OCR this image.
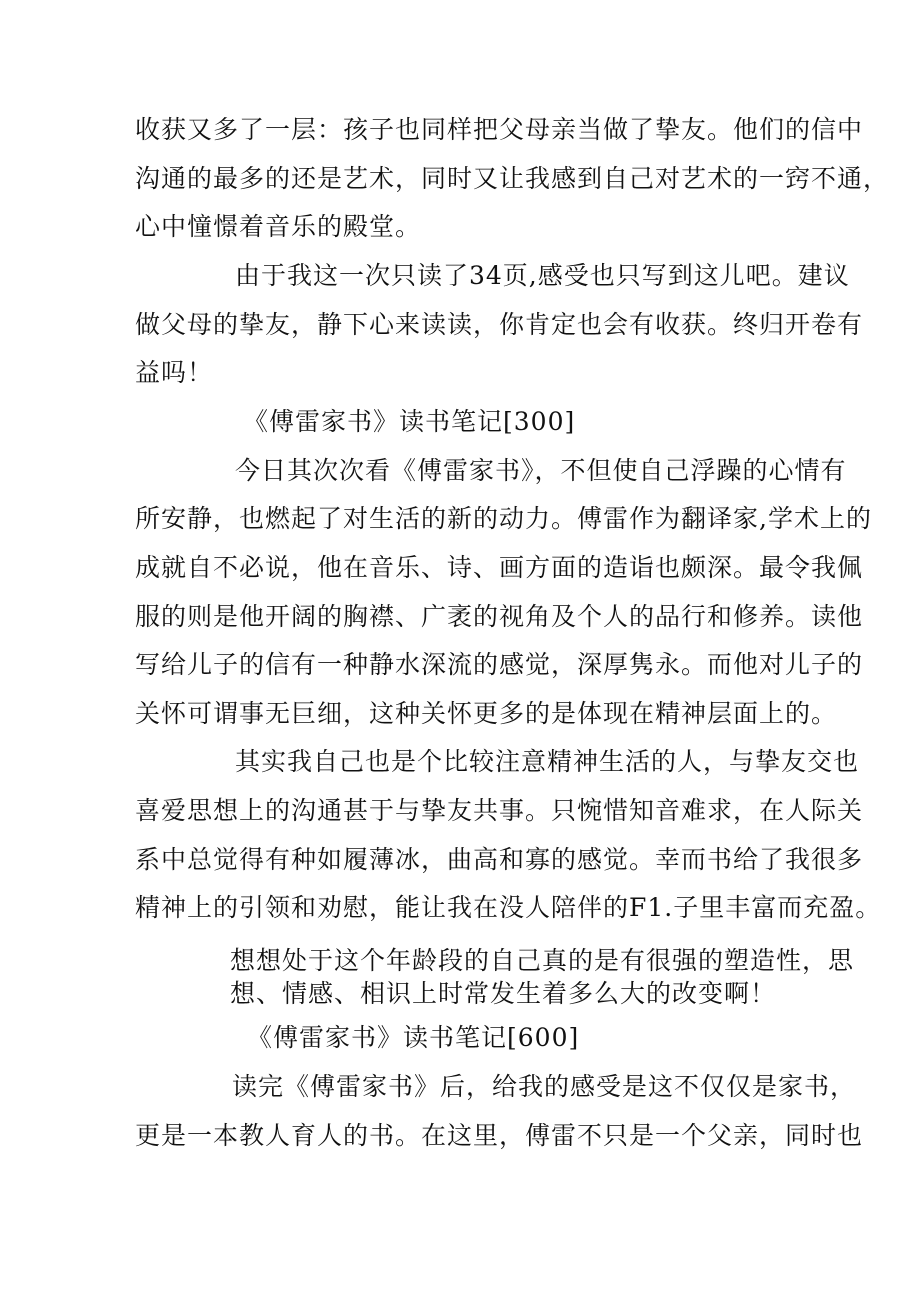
收获又多了一层：孩子也同样把父母亲当做了挚友。他们的信中
沟通的最多的还是艺术，同时又让我感到自己对艺术的一窍不通，
心中憧憬着音乐的殿堂。
由于我这一次只读了34页,感受也只写到这儿吧。建议
做父母的挚友，静下心来读读，你肯定也会有收获。终归开卷有
益吗！
《傅雷家书》读书笔记[300]
今日其次次看《傅雷家书》，不但使自己浮躁的心情有
所安静，也燃起了对生活的新的动力。傅雷作为翻译家,学术上的
成就自不必说，他在音乐、诗、画方面的造诣也颇深。最令我佩
服的则是他开阔的胸襟、广袤的视角及个人的品行和修养。读他
写给儿子的信有一种静水深流的感觉，深厚隽永。而他对儿子的
关怀可谓事无巨细，这种关怀更多的是体现在精神层面上的。
其实我自己也是个比较注意精神生活的人，与挚友交也
喜爱思想上的沟通甚于与挚友共事。只惋惜知音难求，在人际关
系中总觉得有种如履薄冰，曲高和寡的感觉。幸而书给了我很多
精神上的引领和劝慰，能让我在没人陪伴的F1.子里丰富而充盈。
想想处于这个年龄段的自己真的是有很强的塑造性，思
想、情感、相识上时常发生着多么大的改变啊！
《傅雷家书》读书笔记[600]
读完《傅雷家书》后，给我的感受是这不仅仅是家书，
更是一本教人育人的书。在这里，傅雷不只是一个父亲，同时也
